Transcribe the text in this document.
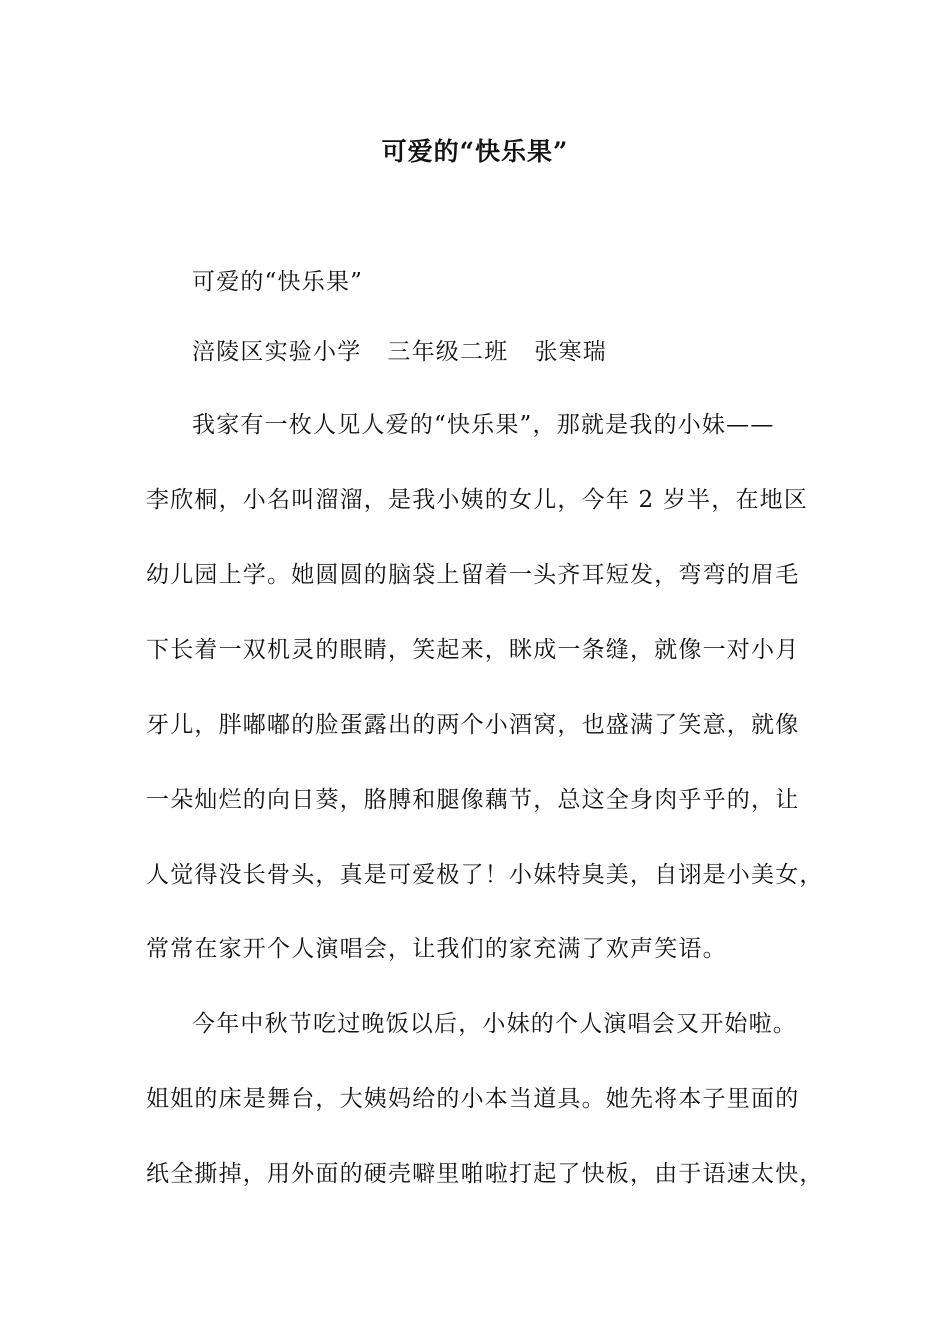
可爱的“快乐果”
可爱的“快乐果”
涪陵区实验小学 三年级二班 张寒瑞
我家有一枚人见人爱的“快乐果”，那就是我的小妹——
李欣桐，小名叫溜溜，是我小姨的女儿，今年 2 岁半，在地区
幼儿园上学。她圆圆的脑袋上留着一头齐耳短发，弯弯的眉毛
下长着一双机灵的眼睛，笑起来，眯成一条缝，就像一对小月
牙儿，胖嘟嘟的脸蛋露出的两个小酒窝，也盛满了笑意，就像
一朵灿烂的向日葵，胳膊和腿像藕节，总这全身肉乎乎的，让
人觉得没长骨头，真是可爱极了！小妹特臭美，自诩是小美女，
常常在家开个人演唱会，让我们的家充满了欢声笑语。
今年中秋节吃过晚饭以后，小妹的个人演唱会又开始啦。
姐姐的床是舞台，大姨妈给的小本当道具。她先将本子里面的
纸全撕掉，用外面的硬壳噼里啪啦打起了快板，由于语速太快，
